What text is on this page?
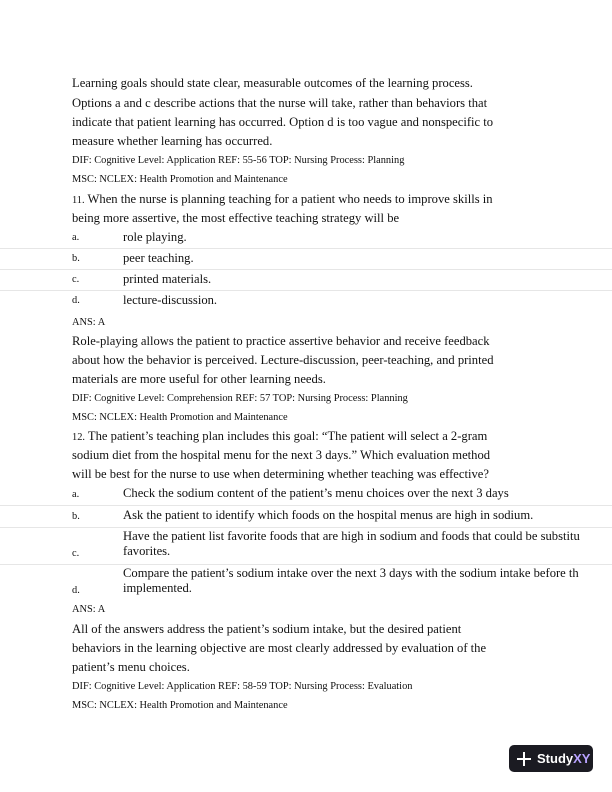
Learning goals should state clear, measurable outcomes of the learning process.
Options a and c describe actions that the nurse will take, rather than behaviors that
indicate that patient learning has occurred. Option d is too vague and nonspecific to
measure whether learning has occurred.
DIF: Cognitive Level: Application REF: 55-56 TOP: Nursing Process: Planning
MSC: NCLEX: Health Promotion and Maintenance
11. When the nurse is planning teaching for a patient who needs to improve skills in
being more assertive, the most effective teaching strategy will be
a.	role playing.
b.	peer teaching.
c.	printed materials.
d.	lecture-discussion.
ANS: A
Role-playing allows the patient to practice assertive behavior and receive feedback
about how the behavior is perceived. Lecture-discussion, peer-teaching, and printed
materials are more useful for other learning needs.
DIF: Cognitive Level: Comprehension REF: 57 TOP: Nursing Process: Planning
MSC: NCLEX: Health Promotion and Maintenance
12. The patient’s teaching plan includes this goal: “The patient will select a 2-gram
sodium diet from the hospital menu for the next 3 days.” Which evaluation method
will be best for the nurse to use when determining whether teaching was effective?
a.	Check the sodium content of the patient’s menu choices over the next 3 days
b.	Ask the patient to identify which foods on the hospital menus are high in sodium.
c.
Have the patient list favorite foods that are high in sodium and foods that could be substitu
favorites.
d.
Compare the patient’s sodium intake over the next 3 days with the sodium intake before th
implemented.
ANS: A
All of the answers address the patient’s sodium intake, but the desired patient
behaviors in the learning objective are most clearly addressed by evaluation of the
patient’s menu choices.
DIF: Cognitive Level: Application REF: 58-59 TOP: Nursing Process: Evaluation
MSC: NCLEX: Health Promotion and Maintenance
Study XY
